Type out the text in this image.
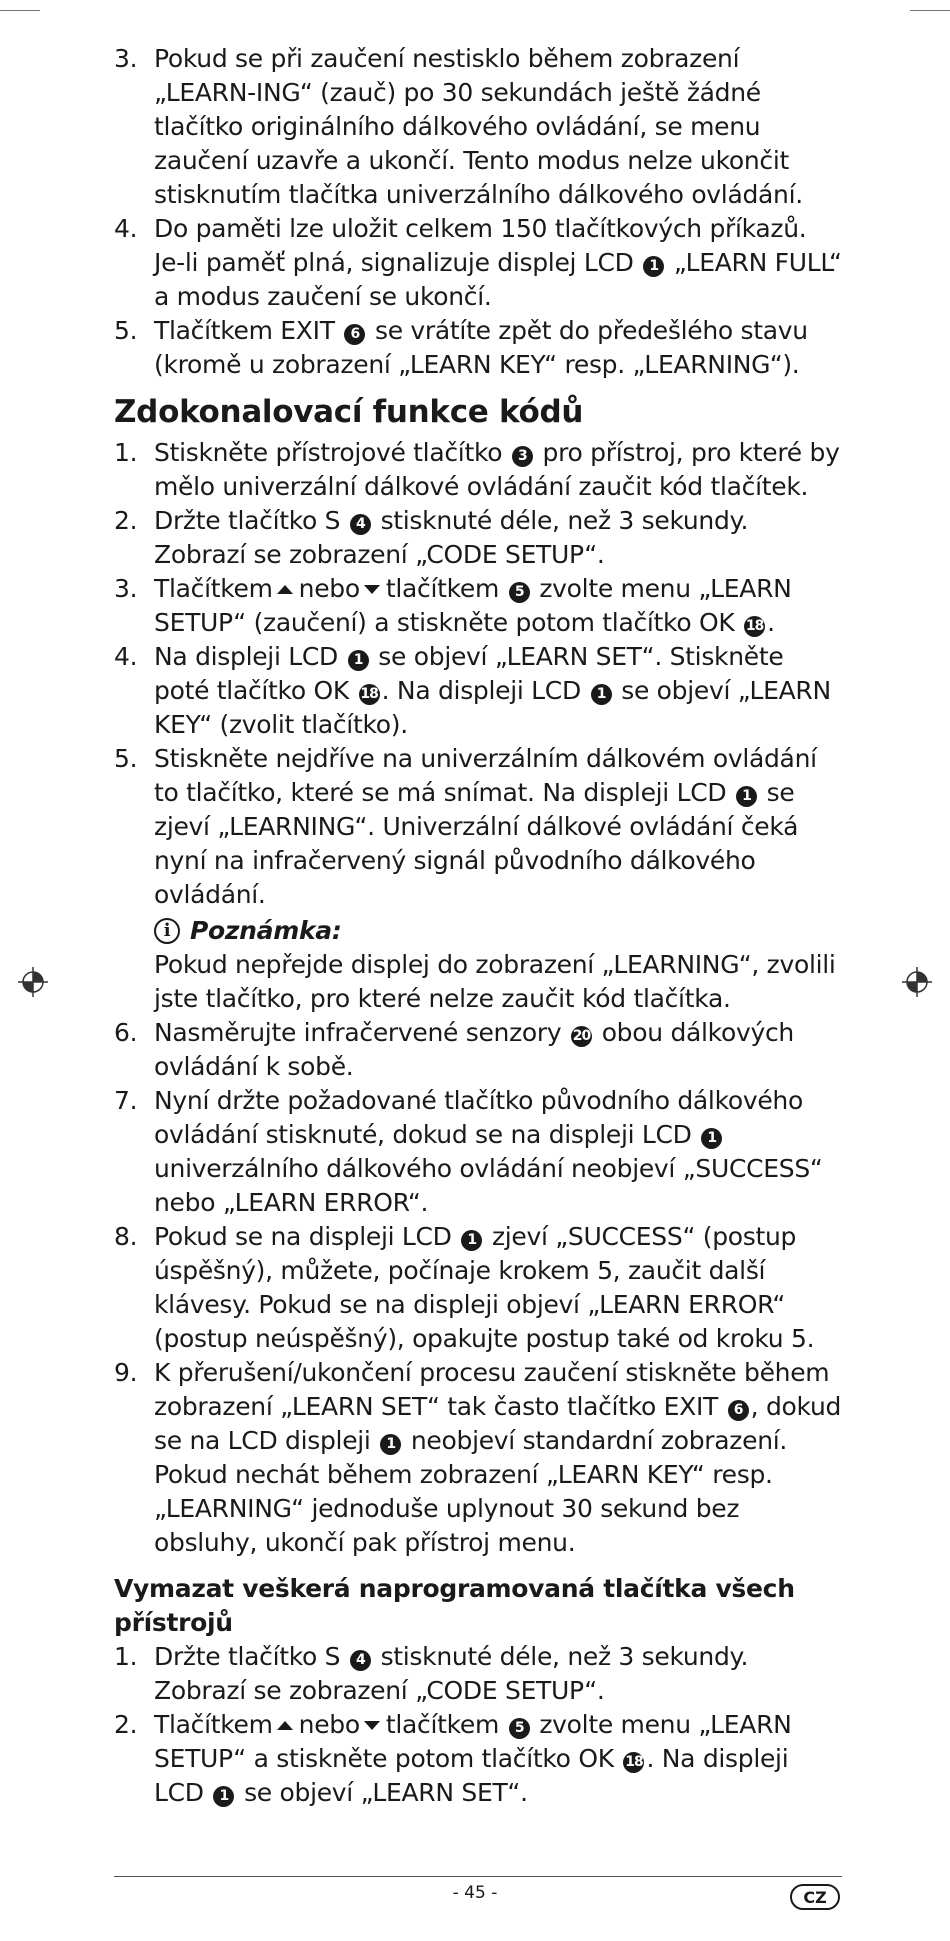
3. Pokud se při zaučení nestisklo během zobrazení „LEARN-ING“ (zauč) po 30 sekundách ještě žádné tlačítko originálního dálkového ovládání, se menu zaučení uzavře a ukončí. Tento modus nelze ukončit stisknutím tlačítka univerzálního dálkového ovládání.
4. Do paměti lze uložit celkem 150 tlačítkových příkazů. Je-li paměť plná, signalizuje displej LCD 1 „LEARN FULL“ a modus zaučení se ukončí.
5. Tlačítkem EXIT 6 se vrátíte zpět do předešlého stavu (kromě u zobrazení „LEARN KEY“ resp. „LEARNING“).
Zdokonalovací funkce kódů
1. Stiskněte přístrojové tlačítko 3 pro přístroj, pro které by mělo univerzální dálkové ovládání zaučit kód tlačítek.
2. Držte tlačítko S 4 stisknuté déle, než 3 sekundy. Zobrazí se zobrazení „CODE SETUP“.
3. Tlačítkem nebo tlačítkem 5 zvolte menu „LEARN SETUP“ (zaučení) a stiskněte potom tlačítko OK 18 .
4. Na displeji LCD 1 se objeví „LEARN SET“. Stiskněte poté tlačítko OK 18 . Na displeji LCD 1 se objeví „LEARN KEY“ (zvolit tlačítko).
5. Stiskněte nejdříve na univerzálním dálkovém ovládání to tlačítko, které se má snímat. Na displeji LCD 1 se zjeví „LEARNING“. Univerzální dálkové ovládání čeká nyní na infračervený signál původního dálkového ovládání.
i Poznámka:
Pokud nepřejde displej do zobrazení „LEARNING“, zvolili jste tlačítko, pro které nelze zaučit kód tlačítka.
6. Nasměrujte infračervené senzory 20 obou dálkových ovládání k sobě.
7. Nyní držte požadované tlačítko původního dálkového ovládání stisknuté, dokud se na displeji LCD 1 univerzálního dálkového ovládání neobjeví „SUCCESS“ nebo „LEARN ERROR“.
8. Pokud se na displeji LCD 1 zjeví „SUCCESS“ (postup úspěšný), můžete, počínaje krokem 5, zaučit další klávesy. Pokud se na displeji objeví „LEARN ERROR“ (postup neúspěšný), opakujte postup také od kroku 5.
9. K přerušení/ukončení procesu zaučení stiskněte během zobrazení „LEARN SET“ tak často tlačítko EXIT 6 , dokud se na LCD displeji 1 neobjeví standardní zobrazení. Pokud nechát během zobrazení „LEARN KEY“ resp. „LEARNING“ jednoduše uplynout 30 sekund bez obsluhy, ukončí pak přístroj menu.
Vymazat veškerá naprogramovaná tlačítka všech přístrojů
1. Držte tlačítko S 4 stisknuté déle, než 3 sekundy. Zobrazí se zobrazení „CODE SETUP“.
2. Tlačítkem nebo tlačítkem 5 zvolte menu „LEARN SETUP“ a stiskněte potom tlačítko OK 18 . Na displeji LCD 1 se objeví „LEARN SET“.
- 45 -	CZ
